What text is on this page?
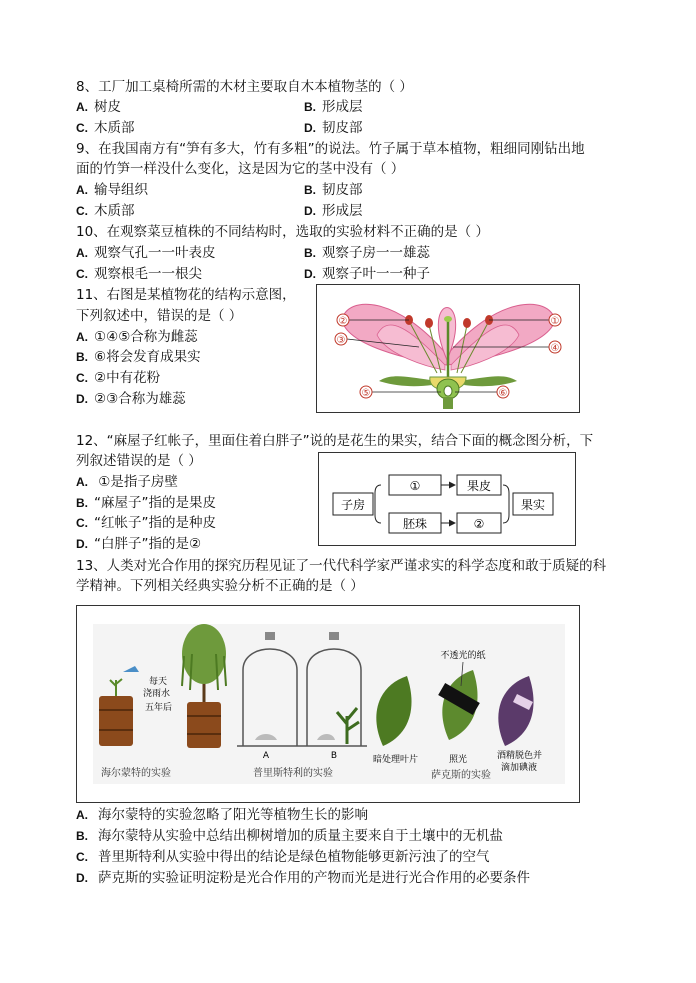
8、工厂加工桌椅所需的木材主要取自木本植物茎的（ ）
A. 树皮	B. 形成层
C. 木质部	D. 韧皮部
9、在我国南方有“笋有多大，竹有多粗”的说法。竹子属于草本植物，粗细同刚钻出地
面的竹笋一样没什么变化，这是因为它的茎中没有（ ）
A. 输导组织	B. 韧皮部
C. 木质部	D. 形成层
10、在观察菜豆植株的不同结构时，选取的实验材料不正确的是（ ）
A. 观察气孔一一叶表皮	B. 观察子房一一雄蕊
C. 观察根毛一一根尖	D. 观察子叶一一种子
11、右图是某植物花的结构示意图，
下列叙述中，错误的是（ ）
A. ①④⑤合称为雌蕊
B. ⑥将会发育成果实
C. ②中有花粉
D. ②③合称为雄蕊
②
③
⑤
①
④
⑥
12、“麻屋子红帐子，里面住着白胖子”说的是花生的果实，结合下面的概念图分析，下
列叙述错误的是（ ）
A. ①是指子房壁
B. “麻屋子”指的是果皮
C. “红帐子”指的是种皮
D. “白胖子”指的是②
子房
①
胚珠
果皮
②
果实
13、人类对光合作用的探究历程见证了一代代科学家严谨求实的科学态度和敢于质疑的科
学精神。下列相关经典实验分析不正确的是（ ）
每天
浇雨水
五年后
海尔蒙特的实验
A	B
普里斯特利的实验
不透光的纸
暗处理叶片	照光	酒精脱色并
滴加碘液
萨克斯的实验
A. 海尔蒙特的实验忽略了阳光等植物生长的影响
B. 海尔蒙特从实验中总结出柳树增加的质量主要来自于土壤中的无机盐
C. 普里斯特利从实验中得出的结论是绿色植物能够更新污浊了的空气
D. 萨克斯的实验证明淀粉是光合作用的产物而光是进行光合作用的必要条件
